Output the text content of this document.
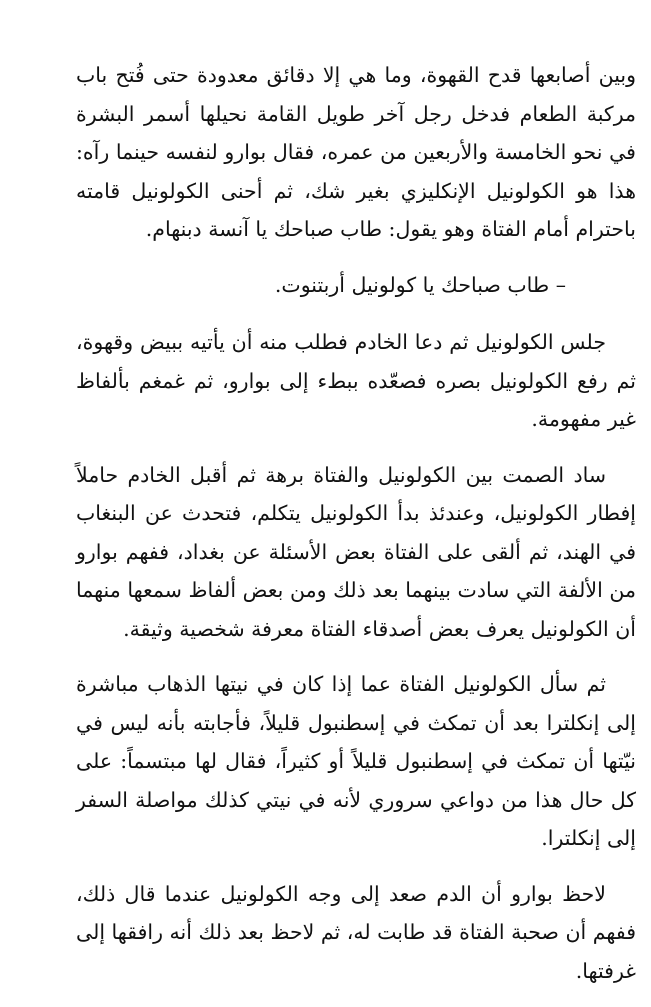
وبين أصابعها قدح القهوة، وما هي إلا دقائق معدودة حتى فُتح باب مركبة الطعام فدخل رجل آخر طويل القامة نحيلها أسمر البشرة في نحو الخامسة والأربعين من عمره، فقال بوارو لنفسه حينما رآه: هذا هو الكولونيل الإنكليزي بغير شك، ثم أحنى الكولونيل قامته باحترام أمام الفتاة وهو يقول: طاب صباحك يا آنسة دبنهام.

– طاب صباحك يا كولونيل أربتنوت.

جلس الكولونيل ثم دعا الخادم فطلب منه أن يأتيه ببيض وقهوة، ثم رفع الكولونيل بصره فصعّده ببطء إلى بوارو، ثم غمغم بألفاظ غير مفهومة.

ساد الصمت بين الكولونيل والفتاة برهة ثم أقبل الخادم حاملاً إفطار الكولونيل، وعندئذ بدأ الكولونيل يتكلم، فتحدث عن البنغاب في الهند، ثم ألقى على الفتاة بعض الأسئلة عن بغداد، ففهم بوارو من الألفة التي سادت بينهما بعد ذلك ومن بعض ألفاظ سمعها منهما أن الكولونيل يعرف بعض أصدقاء الفتاة معرفة شخصية وثيقة.

ثم سأل الكولونيل الفتاة عما إذا كان في نيتها الذهاب مباشرة إلى إنكلترا بعد أن تمكث في إسطنبول قليلاً، فأجابته بأنه ليس في نيّتها أن تمكث في إسطنبول قليلاً أو كثيراً، فقال لها مبتسماً: على كل حال هذا من دواعي سروري لأنه في نيتي كذلك مواصلة السفر إلى إنكلترا.

لاحظ بوارو أن الدم صعد إلى وجه الكولونيل عندما قال ذلك، ففهم أن صحبة الفتاة قد طابت له، ثم لاحظ بعد ذلك أنه رافقها إلى غرفتها.
